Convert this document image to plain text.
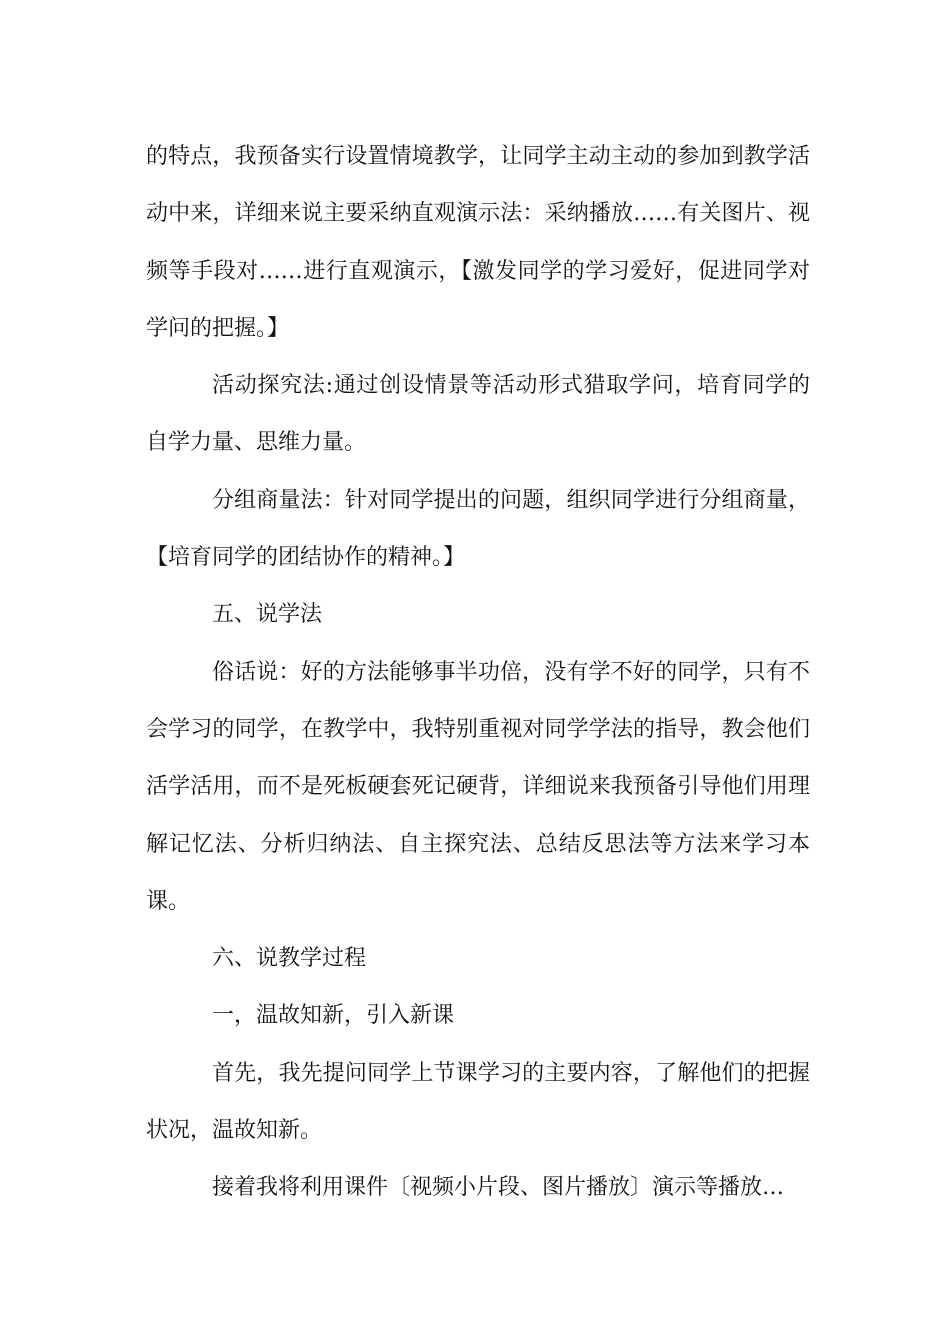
的特点，我预备实行设置情境教学，让同学主动主动的参加到教学活动中来，详细来说主要采纳直观演示法：采纳播放……有关图片、视频等手段对……进行直观演示，【激发同学的学习爱好，促进同学对学问的把握。】

活动探究法:通过创设情景等活动形式猎取学问，培育同学的自学力量、思维力量。

分组商量法：针对同学提出的问题，组织同学进行分组商量，【培育同学的团结协作的精神。】

五、说学法

俗话说：好的方法能够事半功倍，没有学不好的同学，只有不会学习的同学，在教学中，我特别重视对同学学法的指导，教会他们活学活用，而不是死板硬套死记硬背，详细说来我预备引导他们用理解记忆法、分析归纳法、自主探究法、总结反思法等方法来学习本课。

六、说教学过程

一，温故知新，引入新课

首先，我先提问同学上节课学习的主要内容，了解他们的把握状况，温故知新。

接着我将利用课件〔视频小片段、图片播放〕演示等播放…
